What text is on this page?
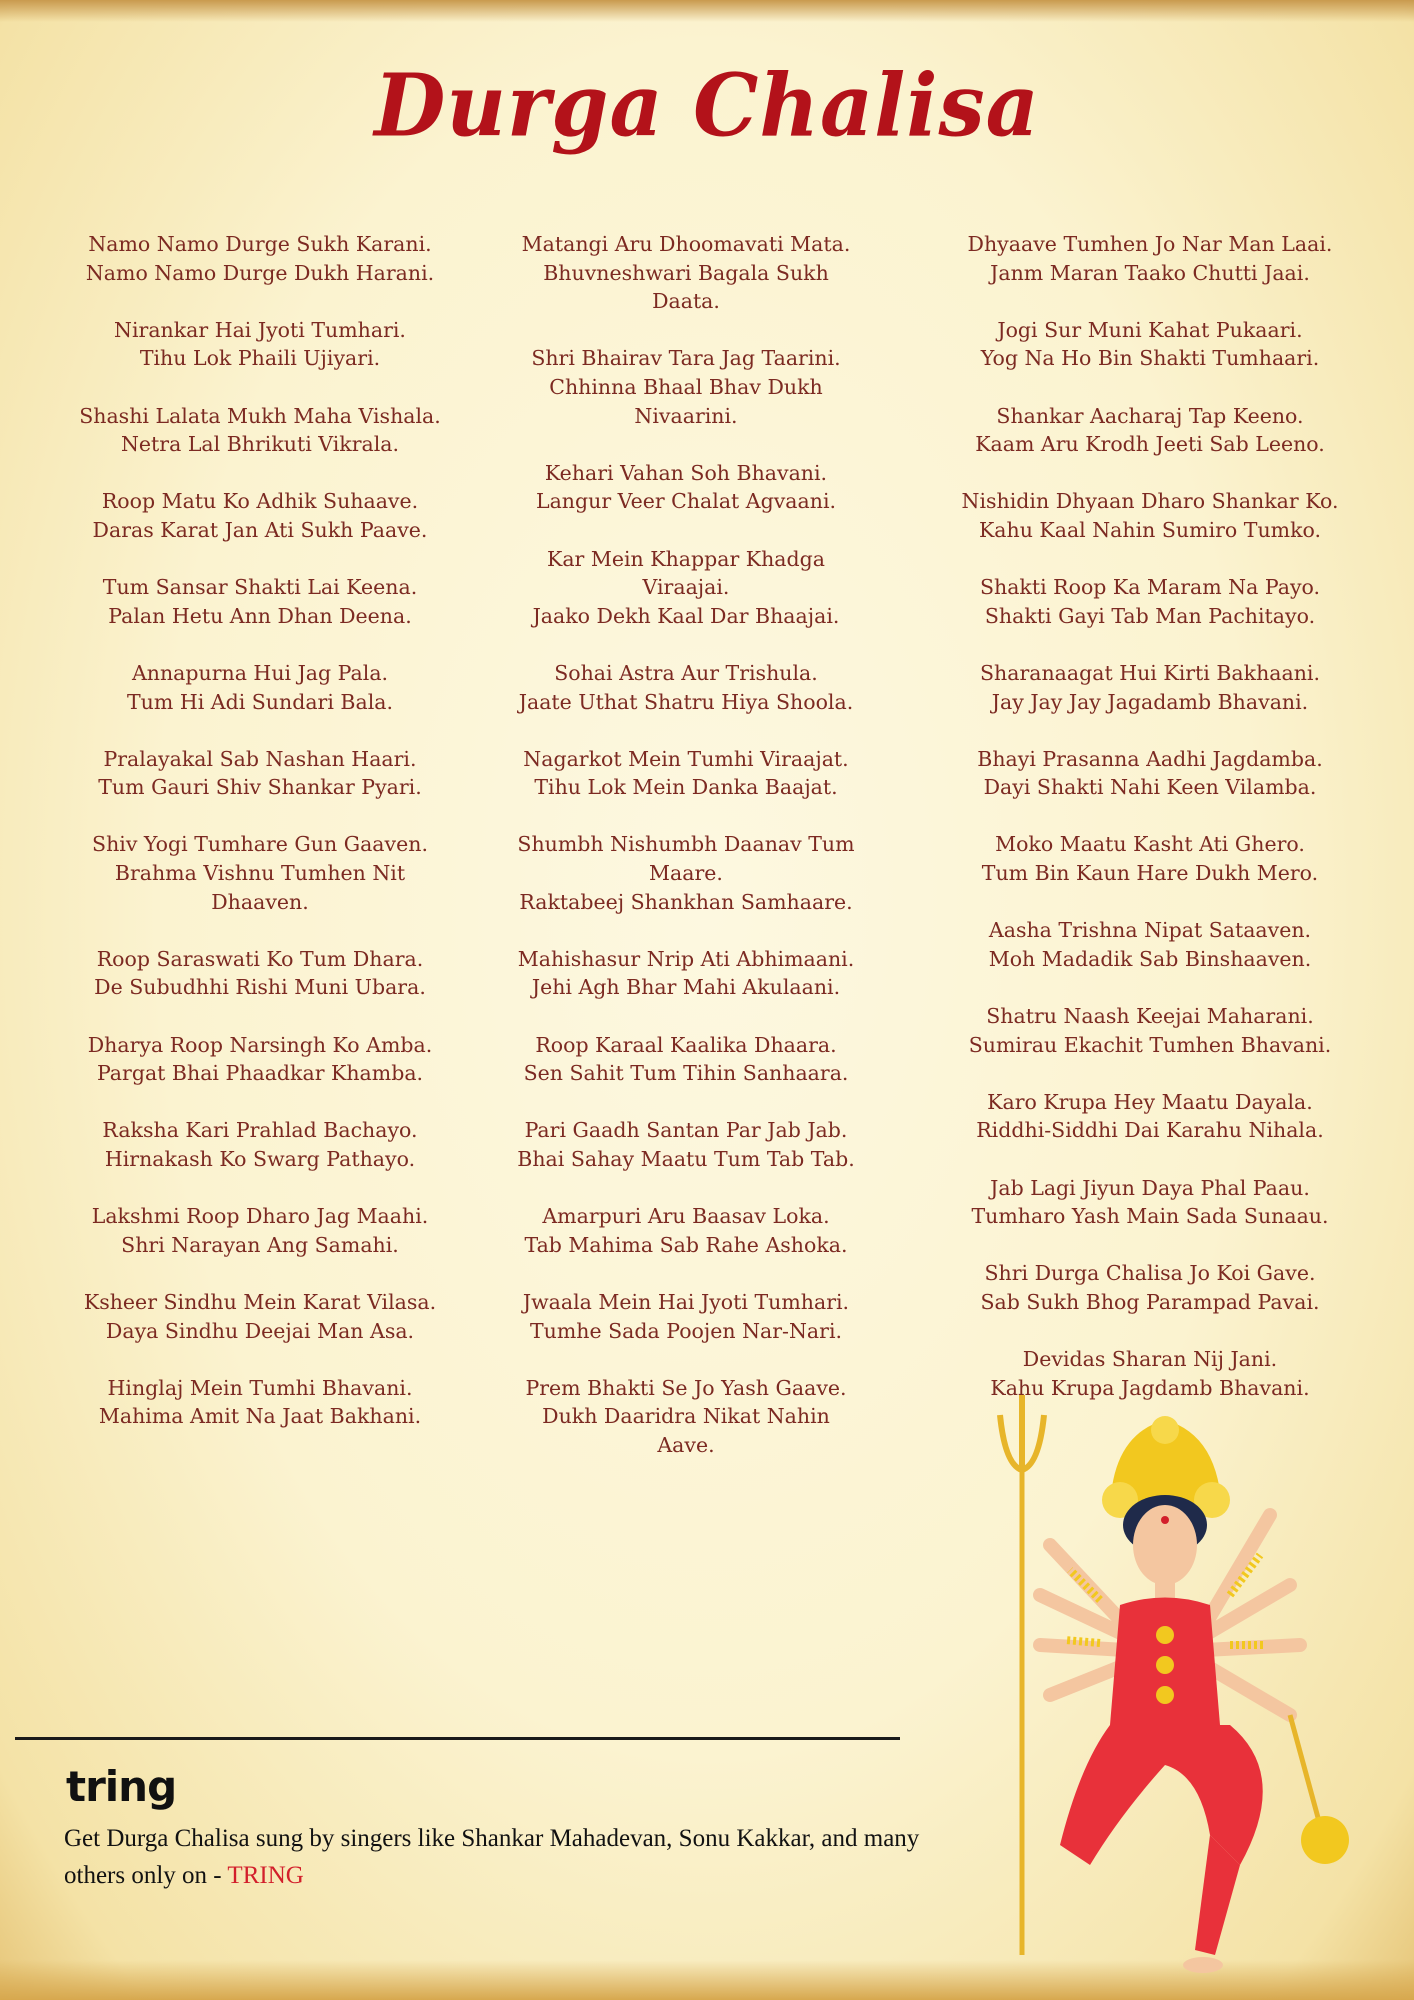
Durga Chalisa
Namo Namo Durge Sukh Karani.
Namo Namo Durge Dukh Harani.
Nirankar Hai Jyoti Tumhari.
Tihu Lok Phaili Ujiyari.
Shashi Lalata Mukh Maha Vishala.
Netra Lal Bhrikuti Vikrala.
Roop Matu Ko Adhik Suhaave.
Daras Karat Jan Ati Sukh Paave.
Tum Sansar Shakti Lai Keena.
Palan Hetu Ann Dhan Deena.
Annapurna Hui Jag Pala.
Tum Hi Adi Sundari Bala.
Pralayakal Sab Nashan Haari.
Tum Gauri Shiv Shankar Pyari.
Shiv Yogi Tumhare Gun Gaaven.
Brahma Vishnu Tumhen Nit
Dhaaven.
Roop Saraswati Ko Tum Dhara.
De Subudhhi Rishi Muni Ubara.
Dharya Roop Narsingh Ko Amba.
Pargat Bhai Phaadkar Khamba.
Raksha Kari Prahlad Bachayo.
Hirnakash Ko Swarg Pathayo.
Lakshmi Roop Dharo Jag Maahi.
Shri Narayan Ang Samahi.
Ksheer Sindhu Mein Karat Vilasa.
Daya Sindhu Deejai Man Asa.
Hinglaj Mein Tumhi Bhavani.
Mahima Amit Na Jaat Bakhani.
Matangi Aru Dhoomavati Mata.
Bhuvneshwari Bagala Sukh
Daata.
Shri Bhairav Tara Jag Taarini.
Chhinna Bhaal Bhav Dukh
Nivaarini.
Kehari Vahan Soh Bhavani.
Langur Veer Chalat Agvaani.
Kar Mein Khappar Khadga
Viraajai.
Jaako Dekh Kaal Dar Bhaajai.
Sohai Astra Aur Trishula.
Jaate Uthat Shatru Hiya Shoola.
Nagarkot Mein Tumhi Viraajat.
Tihu Lok Mein Danka Baajat.
Shumbh Nishumbh Daanav Tum
Maare.
Raktabeej Shankhan Samhaare.
Mahishasur Nrip Ati Abhimaani.
Jehi Agh Bhar Mahi Akulaani.
Roop Karaal Kaalika Dhaara.
Sen Sahit Tum Tihin Sanhaara.
Pari Gaadh Santan Par Jab Jab.
Bhai Sahay Maatu Tum Tab Tab.
Amarpuri Aru Baasav Loka.
Tab Mahima Sab Rahe Ashoka.
Jwaala Mein Hai Jyoti Tumhari.
Tumhe Sada Poojen Nar-Nari.
Prem Bhakti Se Jo Yash Gaave.
Dukh Daaridra Nikat Nahin
Aave.
Dhyaave Tumhen Jo Nar Man Laai.
Janm Maran Taako Chutti Jaai.
Jogi Sur Muni Kahat Pukaari.
Yog Na Ho Bin Shakti Tumhaari.
Shankar Aacharaj Tap Keeno.
Kaam Aru Krodh Jeeti Sab Leeno.
Nishidin Dhyaan Dharo Shankar Ko.
Kahu Kaal Nahin Sumiro Tumko.
Shakti Roop Ka Maram Na Payo.
Shakti Gayi Tab Man Pachitayo.
Sharanaagat Hui Kirti Bakhaani.
Jay Jay Jay Jagadamb Bhavani.
Bhayi Prasanna Aadhi Jagdamba.
Dayi Shakti Nahi Keen Vilamba.
Moko Maatu Kasht Ati Ghero.
Tum Bin Kaun Hare Dukh Mero.
Aasha Trishna Nipat Sataaven.
Moh Madadik Sab Binshaaven.
Shatru Naash Keejai Maharani.
Sumirau Ekachit Tumhen Bhavani.
Karo Krupa Hey Maatu Dayala.
Riddhi-Siddhi Dai Karahu Nihala.
Jab Lagi Jiyun Daya Phal Paau.
Tumharo Yash Main Sada Sunaau.
Shri Durga Chalisa Jo Koi Gave.
Sab Sukh Bhog Parampad Pavai.
Devidas Sharan Nij Jani.
Kahu Krupa Jagdamb Bhavani.
tring
Get Durga Chalisa sung by singers like Shankar Mahadevan, Sonu Kakkar, and many others only on - TRING
